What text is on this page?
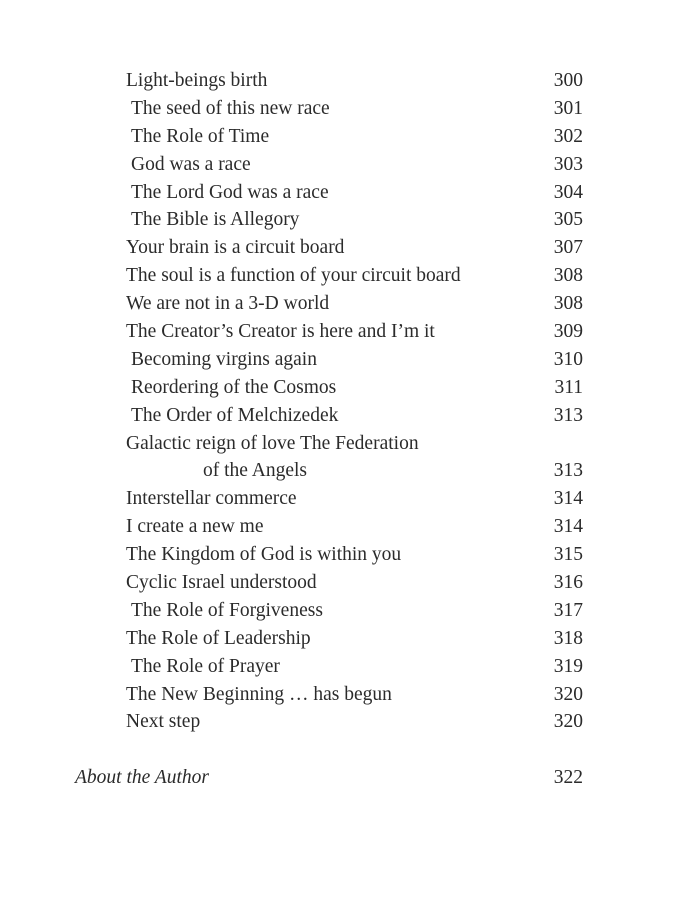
Light-beings birth	300
The seed of this new race	301
The Role of Time	302
God was a race	303
The Lord God was a race	304
The Bible is Allegory	305
Your brain is a circuit board	307
The soul is a function of your circuit board	308
We are not in a 3-D world	308
The Creator’s Creator is here and I’m it	309
Becoming virgins again	310
Reordering of the Cosmos	311
The Order of Melchizedek	313
Galactic reign of love The Federation
of the Angels	313
Interstellar commerce	314
I create a new me	314
The Kingdom of God is within you	315
Cyclic Israel understood	316
The Role of Forgiveness	317
The Role of Leadership	318
The Role of Prayer	319
The New Beginning … has begun	320
Next step	320
About the Author	322
